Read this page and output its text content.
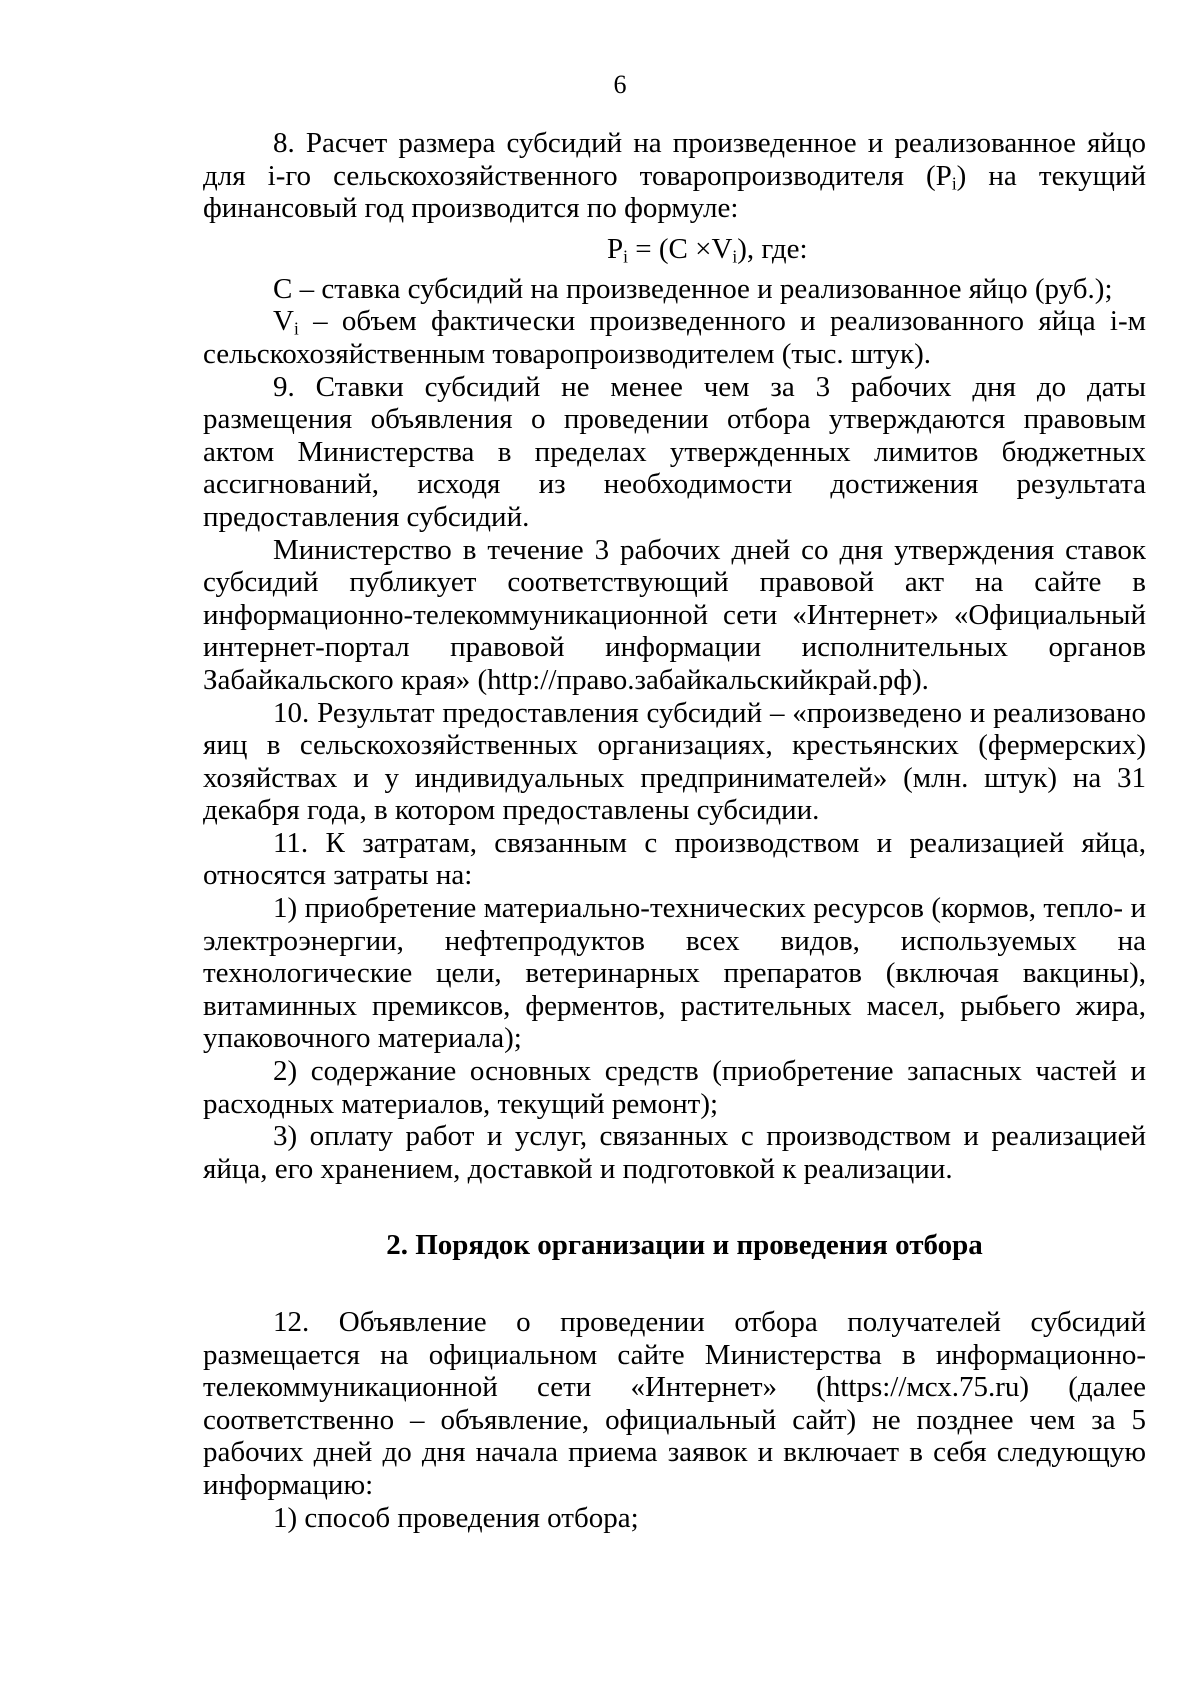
6

8. Расчет размера субсидий на произведенное и реализованное яйцо для i-го сельскохозяйственного товаропроизводителя $(P_i)$ на текущий финансовый год производится по формуле:

$P_i = (C \times V_i)$, где:

C – ставка субсидий на произведенное и реализованное яйцо (руб.);

$V_i$ – объем фактически произведенного и реализованного яйца i-м сельскохозяйственным товаропроизводителем (тыс. штук).

9. Ставки субсидий не менее чем за 3 рабочих дня до даты размещения объявления о проведении отбора утверждаются правовым актом Министерства в пределах утвержденных лимитов бюджетных ассигнований, исходя из необходимости достижения результата предоставления субсидий.

Министерство в течение 3 рабочих дней со дня утверждения ставок субсидий публикует соответствующий правовой акт на сайте в информационно-телекоммуникационной сети «Интернет» «Официальный интернет-портал правовой информации исполнительных органов Забайкальского края» (http://право.забайкальскийкрай.рф).

10. Результат предоставления субсидий – «произведено и реализовано яиц в сельскохозяйственных организациях, крестьянских (фермерских) хозяйствах и у индивидуальных предпринимателей» (млн. штук) на 31 декабря года, в котором предоставлены субсидии.

11. К затратам, связанным с производством и реализацией яйца, относятся затраты на:

1) приобретение материально-технических ресурсов (кормов, тепло- и электроэнергии, нефтепродуктов всех видов, используемых на технологические цели, ветеринарных препаратов (включая вакцины), витаминных премиксов, ферментов, растительных масел, рыбьего жира, упаковочного материала);

2) содержание основных средств (приобретение запасных частей и расходных материалов, текущий ремонт);

3) оплату работ и услуг, связанных с производством и реализацией яйца, его хранением, доставкой и подготовкой к реализации.

2. Порядок организации и проведения отбора

12. Объявление о проведении отбора получателей субсидий размещается на официальном сайте Министерства в информационно-телекоммуникационной сети «Интернет» (https://мсх.75.ru) (далее соответственно – объявление, официальный сайт) не позднее чем за 5 рабочих дней до дня начала приема заявок и включает в себя следующую информацию:

1) способ проведения отбора;
